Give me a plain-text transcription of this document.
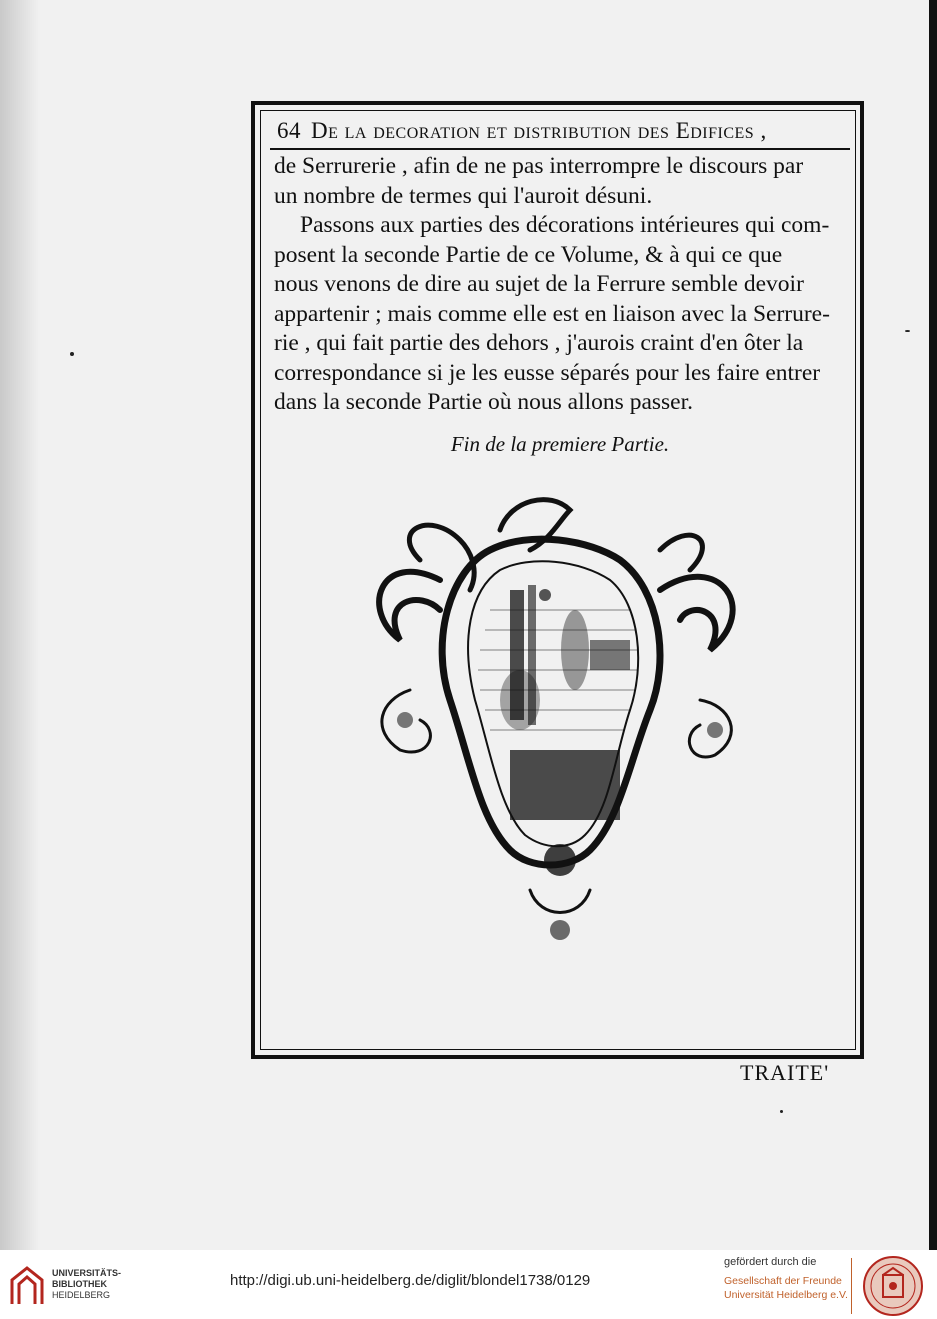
64 De la decoration et distribution des Edifices ,

de Serrurerie , afin de ne pas interrompre le discours par
un nombre de termes qui l'auroit désuni.

Passons aux parties des décorations intérieures qui com-
posent la seconde Partie de ce Volume, & à qui ce que
nous venons de dire au sujet de la Ferrure semble devoir
appartenir ; mais comme elle est en liaison avec la Serrure-
rie , qui fait partie des dehors , j'aurois craint d'en ôter la
correspondance si je les eusse séparés pour les faire entrer
dans la seconde Partie où nous allons passer.

Fin de la premiere Partie.
TRAITE'
UNIVERSITÄTS-
BIBLIOTHEK
HEIDELBERG
http://digi.ub.uni-heidelberg.de/diglit/blondel1738/0129
gefördert durch die
Gesellschaft der Freunde
Universität Heidelberg e.V.
